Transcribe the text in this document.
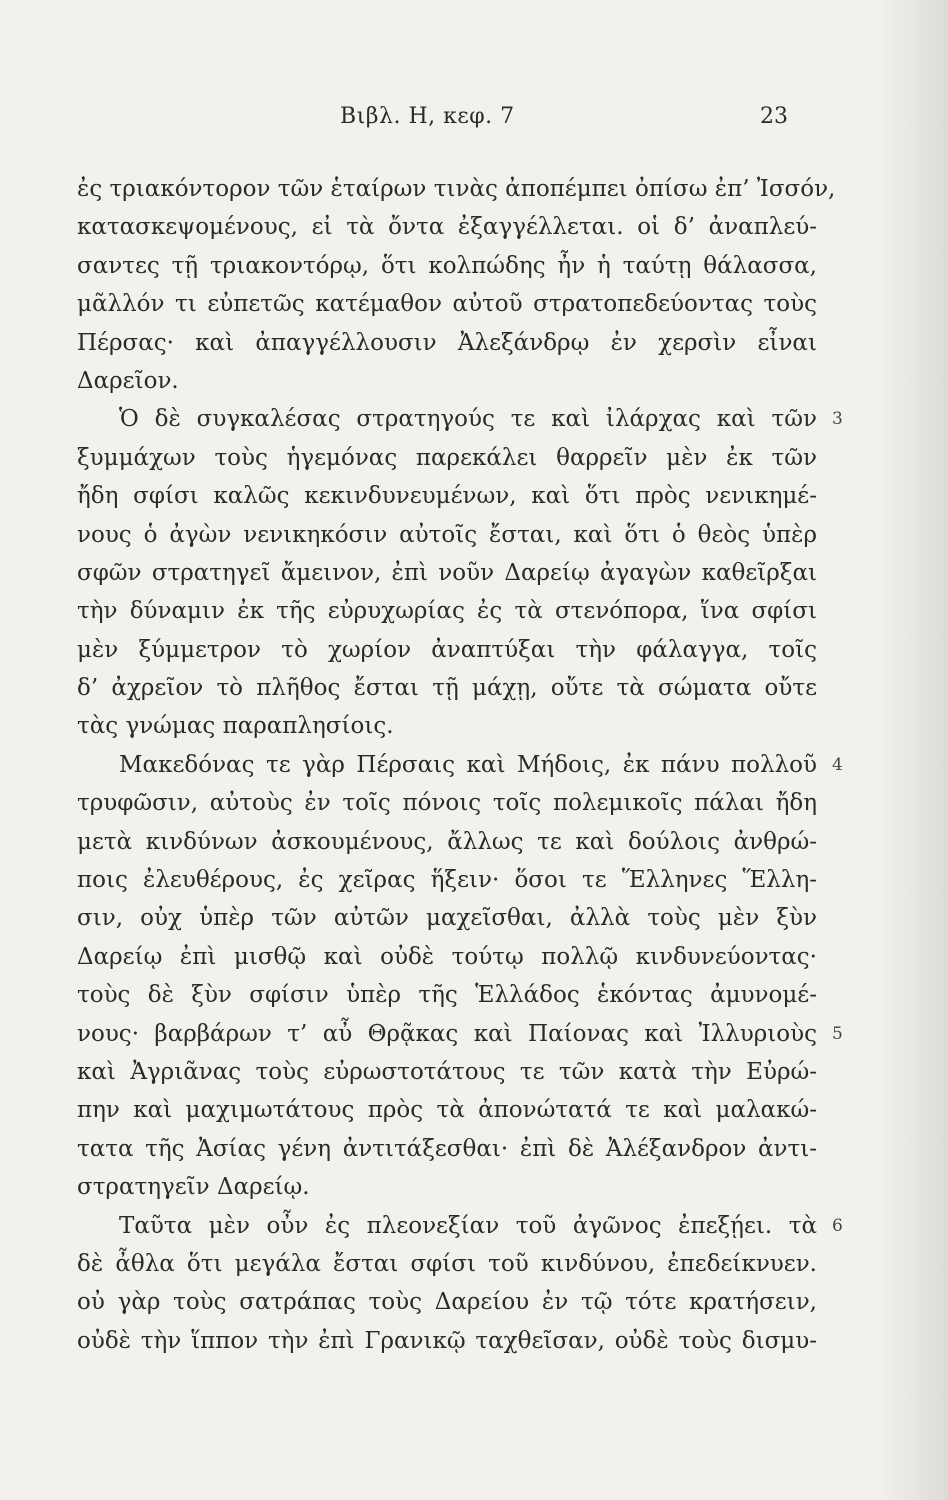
Βιβλ. Η, κεφ. 7	23
ἐς τριακόντορον τῶν ἑταίρων τινὰς ἀποπέμπει ὀπίσω ἐπ’ Ἰσσόν,
κατασκεψομένους, εἰ τὰ ὄντα ἐξαγγέλλεται. οἱ δ’ ἀναπλεύ-
σαντες τῇ τριακοντόρῳ, ὅτι κολπώδης ἦν ἡ ταύτῃ θάλασσα,
μᾶλλόν τι εὐπετῶς κατέμαθον αὐτοῦ στρατοπεδεύοντας τοὺς
Πέρσας· καὶ ἀπαγγέλλουσιν Ἀλεξάνδρῳ ἐν χερσὶν εἶναι
Δαρεῖον.
Ὁ δὲ συγκαλέσας στρατηγούς τε καὶ ἰλάρχας καὶ τῶν 3
ξυμμάχων τοὺς ἡγεμόνας παρεκάλει θαρρεῖν μὲν ἐκ τῶν
ἤδη σφίσι καλῶς κεκινδυνευμένων, καὶ ὅτι πρὸς νενικημέ-
νους ὁ ἀγὼν νενικηκόσιν αὐτοῖς ἔσται, καὶ ὅτι ὁ θεὸς ὑπὲρ
σφῶν στρατηγεῖ ἄμεινον, ἐπὶ νοῦν Δαρείῳ ἀγαγὼν καθεῖρξαι
τὴν δύναμιν ἐκ τῆς εὐρυχωρίας ἐς τὰ στενόπορα, ἵνα σφίσι
μὲν ξύμμετρον τὸ χωρίον ἀναπτύξαι τὴν φάλαγγα, τοῖς
δ’ ἀχρεῖον τὸ πλῆθος ἔσται τῇ μάχῃ, οὔτε τὰ σώματα οὔτε
τὰς γνώμας παραπλησίοις.
Μακεδόνας τε γὰρ Πέρσαις καὶ Μήδοις, ἐκ πάνυ πολλοῦ 4
τρυφῶσιν, αὐτοὺς ἐν τοῖς πόνοις τοῖς πολεμικοῖς πάλαι ἤδη
μετὰ κινδύνων ἀσκουμένους, ἄλλως τε καὶ δούλοις ἀνθρώ-
ποις ἐλευθέρους, ἐς χεῖρας ἥξειν· ὅσοι τε Ἕλληνες Ἕλλη-
σιν, οὐχ ὑπὲρ τῶν αὐτῶν μαχεῖσθαι, ἀλλὰ τοὺς μὲν ξὺν
Δαρείῳ ἐπὶ μισθῷ καὶ οὐδὲ τούτῳ πολλῷ κινδυνεύοντας·
τοὺς δὲ ξὺν σφίσιν ὑπὲρ τῆς Ἑλλάδος ἑκόντας ἀμυνομέ-
νους· βαρβάρων τ’ αὖ Θρᾷκας καὶ Παίονας καὶ Ἰλλυριοὺς 5
καὶ Ἀγριᾶνας τοὺς εὐρωστοτάτους τε τῶν κατὰ τὴν Εὐρώ-
πην καὶ μαχιμωτάτους πρὸς τὰ ἀπονώτατά τε καὶ μαλακώ-
τατα τῆς Ἀσίας γένη ἀντιτάξεσθαι· ἐπὶ δὲ Ἀλέξανδρον ἀντι-
στρατηγεῖν Δαρείῳ.
Ταῦτα μὲν οὖν ἐς πλεονεξίαν τοῦ ἀγῶνος ἐπεξῄει. τὰ 6
δὲ ἆθλα ὅτι μεγάλα ἔσται σφίσι τοῦ κινδύνου, ἐπεδείκνυεν.
οὐ γὰρ τοὺς σατράπας τοὺς Δαρείου ἐν τῷ τότε κρατήσειν,
οὐδὲ τὴν ἵππον τὴν ἐπὶ Γρανικῷ ταχθεῖσαν, οὐδὲ τοὺς δισμυ-
